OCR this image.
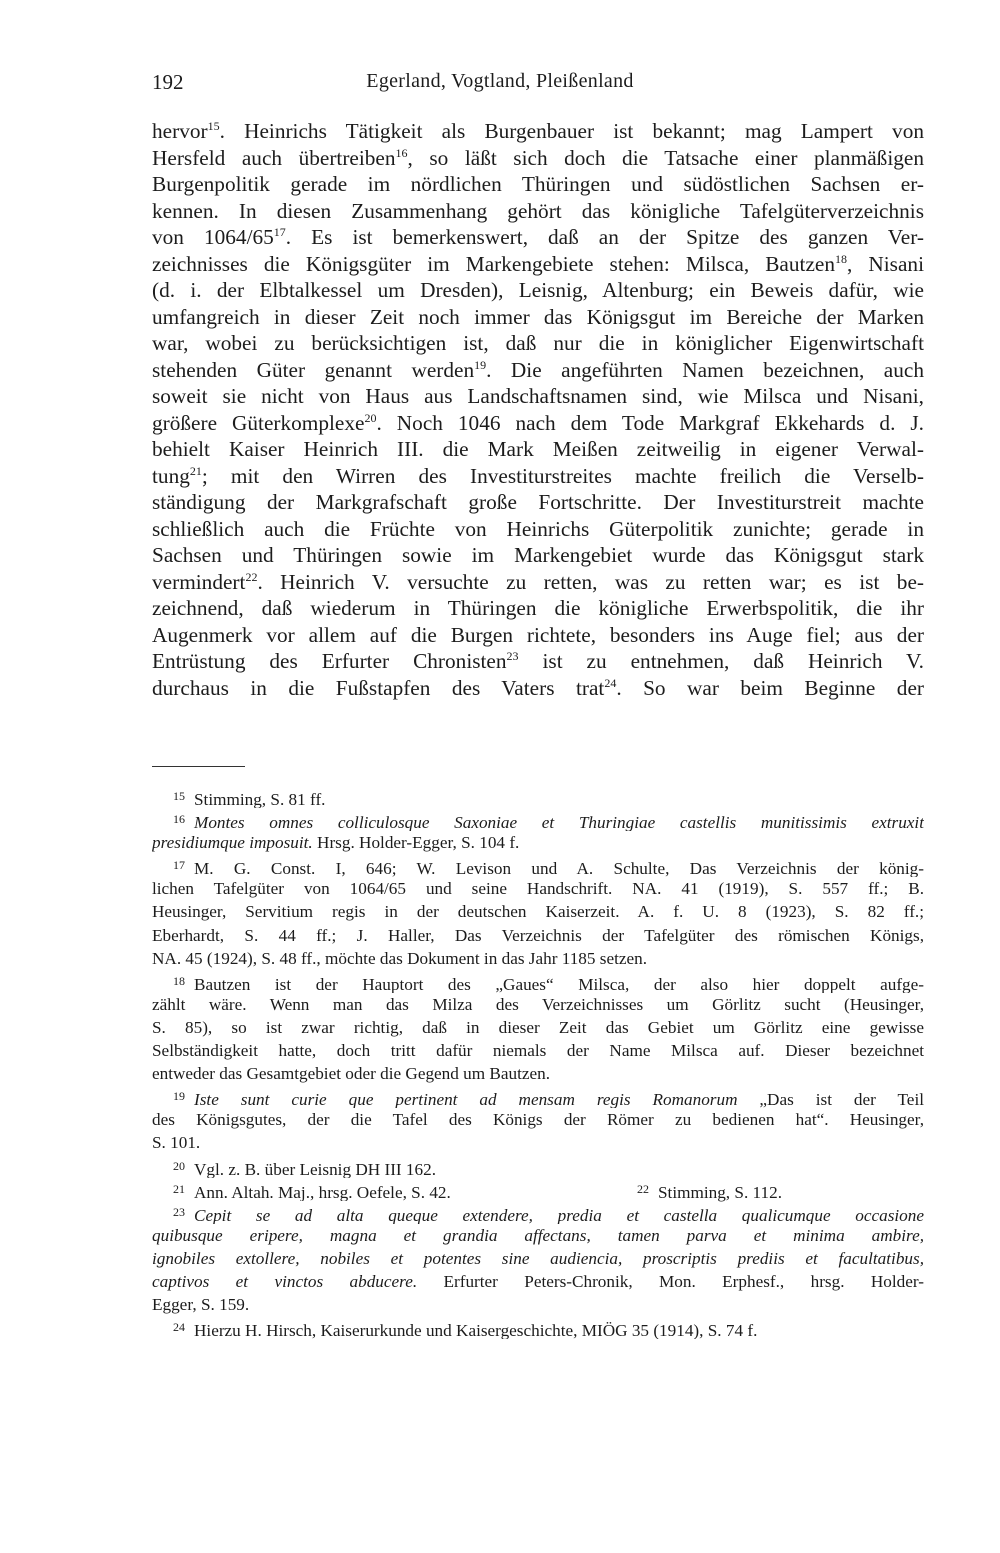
192	Egerland, Vogtland, Pleißenland
hervor$^{15}$. Heinrichs Tätigkeit als Burgenbauer ist bekannt; mag Lampert von
Hersfeld auch übertreiben$^{16}$, so läßt sich doch die Tatsache einer planmäßigen
Burgenpolitik gerade im nördlichen Thüringen und südöstlichen Sachsen er-
kennen. In diesen Zusammenhang gehört das königliche Tafelgüterverzeichnis
von $1064/65^{17}$. Es ist bemerkenswert, daß an der Spitze des ganzen Ver-
zeichnisses die Königsgüter im Markengebiete stehen: Milsca, Bautzen$^{18}$, Nisani
(d. i. der Elbtalkessel um Dresden), Leisnig, Altenburg; ein Beweis dafür, wie
umfangreich in dieser Zeit noch immer das Königsgut im Bereiche der Marken
war, wobei zu berücksichtigen ist, daß nur die in königlicher Eigenwirtschaft
stehenden Güter genannt werden$^{19}$. Die angeführten Namen bezeichnen, auch
soweit sie nicht von Haus aus Landschaftsnamen sind, wie Milsca und Nisani,
größere Güterkomplexe$^{20}$. Noch 1046 nach dem Tode Markgraf Ekkehards d. J.
behielt Kaiser Heinrich III. die Mark Meißen zeitweilig in eigener Verwal-
tung$^{21}$; mit den Wirren des Investiturstreites machte freilich die Verselb-
ständigung der Markgrafschaft große Fortschritte. Der Investiturstreit machte
schließlich auch die Früchte von Heinrichs Güterpolitik zunichte; gerade in
Sachsen und Thüringen sowie im Markengebiet wurde das Königsgut stark
vermindert$^{22}$. Heinrich V. versuchte zu retten, was zu retten war; es ist be-
zeichnend, daß wiederum in Thüringen die königliche Erwerbspolitik, die ihr
Augenmerk vor allem auf die Burgen richtete, besonders ins Auge fiel; aus der
Entrüstung des Erfurter Chronisten$^{23}$ ist zu entnehmen, daß Heinrich V.
durchaus in die Fußstapfen des Vaters trat$^{24}$. So war beim Beginne der
$^{15}$ Stimming, S. 81 ff.
$^{16}$ Montes omnes colliculosque Saxoniae et Thuringiae castellis munitissimis extruxit
presidiumque imposuit. Hrsg. Holder-Egger, S. 104 f.
$^{17}$ M. G. Const. I, 646; W. Levison und A. Schulte, Das Verzeichnis der könig-
lichen Tafelgüter von 1064/65 und seine Handschrift. NA. 41 (1919), S. 557 ff.; B.
Heusinger, Servitium regis in der deutschen Kaiserzeit. A. f. U. 8 (1923), S. 82 ff.;
Eberhardt, S. 44 ff.; J. Haller, Das Verzeichnis der Tafelgüter des römischen Königs,
NA. 45 (1924), S. 48 ff., möchte das Dokument in das Jahr 1185 setzen.
$^{18}$ Bautzen ist der Hauptort des „Gaues“ Milsca, der also hier doppelt aufge-
zählt wäre. Wenn man das Milza des Verzeichnisses um Görlitz sucht (Heusinger,
S. 85), so ist zwar richtig, daß in dieser Zeit das Gebiet um Görlitz eine gewisse
Selbständigkeit hatte, doch tritt dafür niemals der Name Milsca auf. Dieser bezeichnet
entweder das Gesamtgebiet oder die Gegend um Bautzen.
$^{19}$ Iste sunt curie que pertinent ad mensam regis Romanorum „Das ist der Teil
des Königsgutes, der die Tafel des Königs der Römer zu bedienen hat“. Heusinger,
S. 101.
$^{20}$ Vgl. z. B. über Leisnig DH III 162.
$^{21}$ Ann. Altah. Maj., hrsg. Oefele, S. 42.	$^{22}$ Stimming, S. 112.
$^{23}$ Cepit se ad alta queque extendere, predia et castella qualicumque occasione
quibusque eripere, magna et grandia affectans, tamen parva et minima ambire,
ignobiles extollere, nobiles et potentes sine audiencia, proscriptis prediis et facultatibus,
captivos et vinctos abducere. Erfurter Peters-Chronik, Mon. Erphesf., hrsg. Holder-
Egger, S. 159.
$^{24}$ Hierzu H. Hirsch, Kaiserurkunde und Kaisergeschichte, MIÖG 35 (1914), S. 74 f.
